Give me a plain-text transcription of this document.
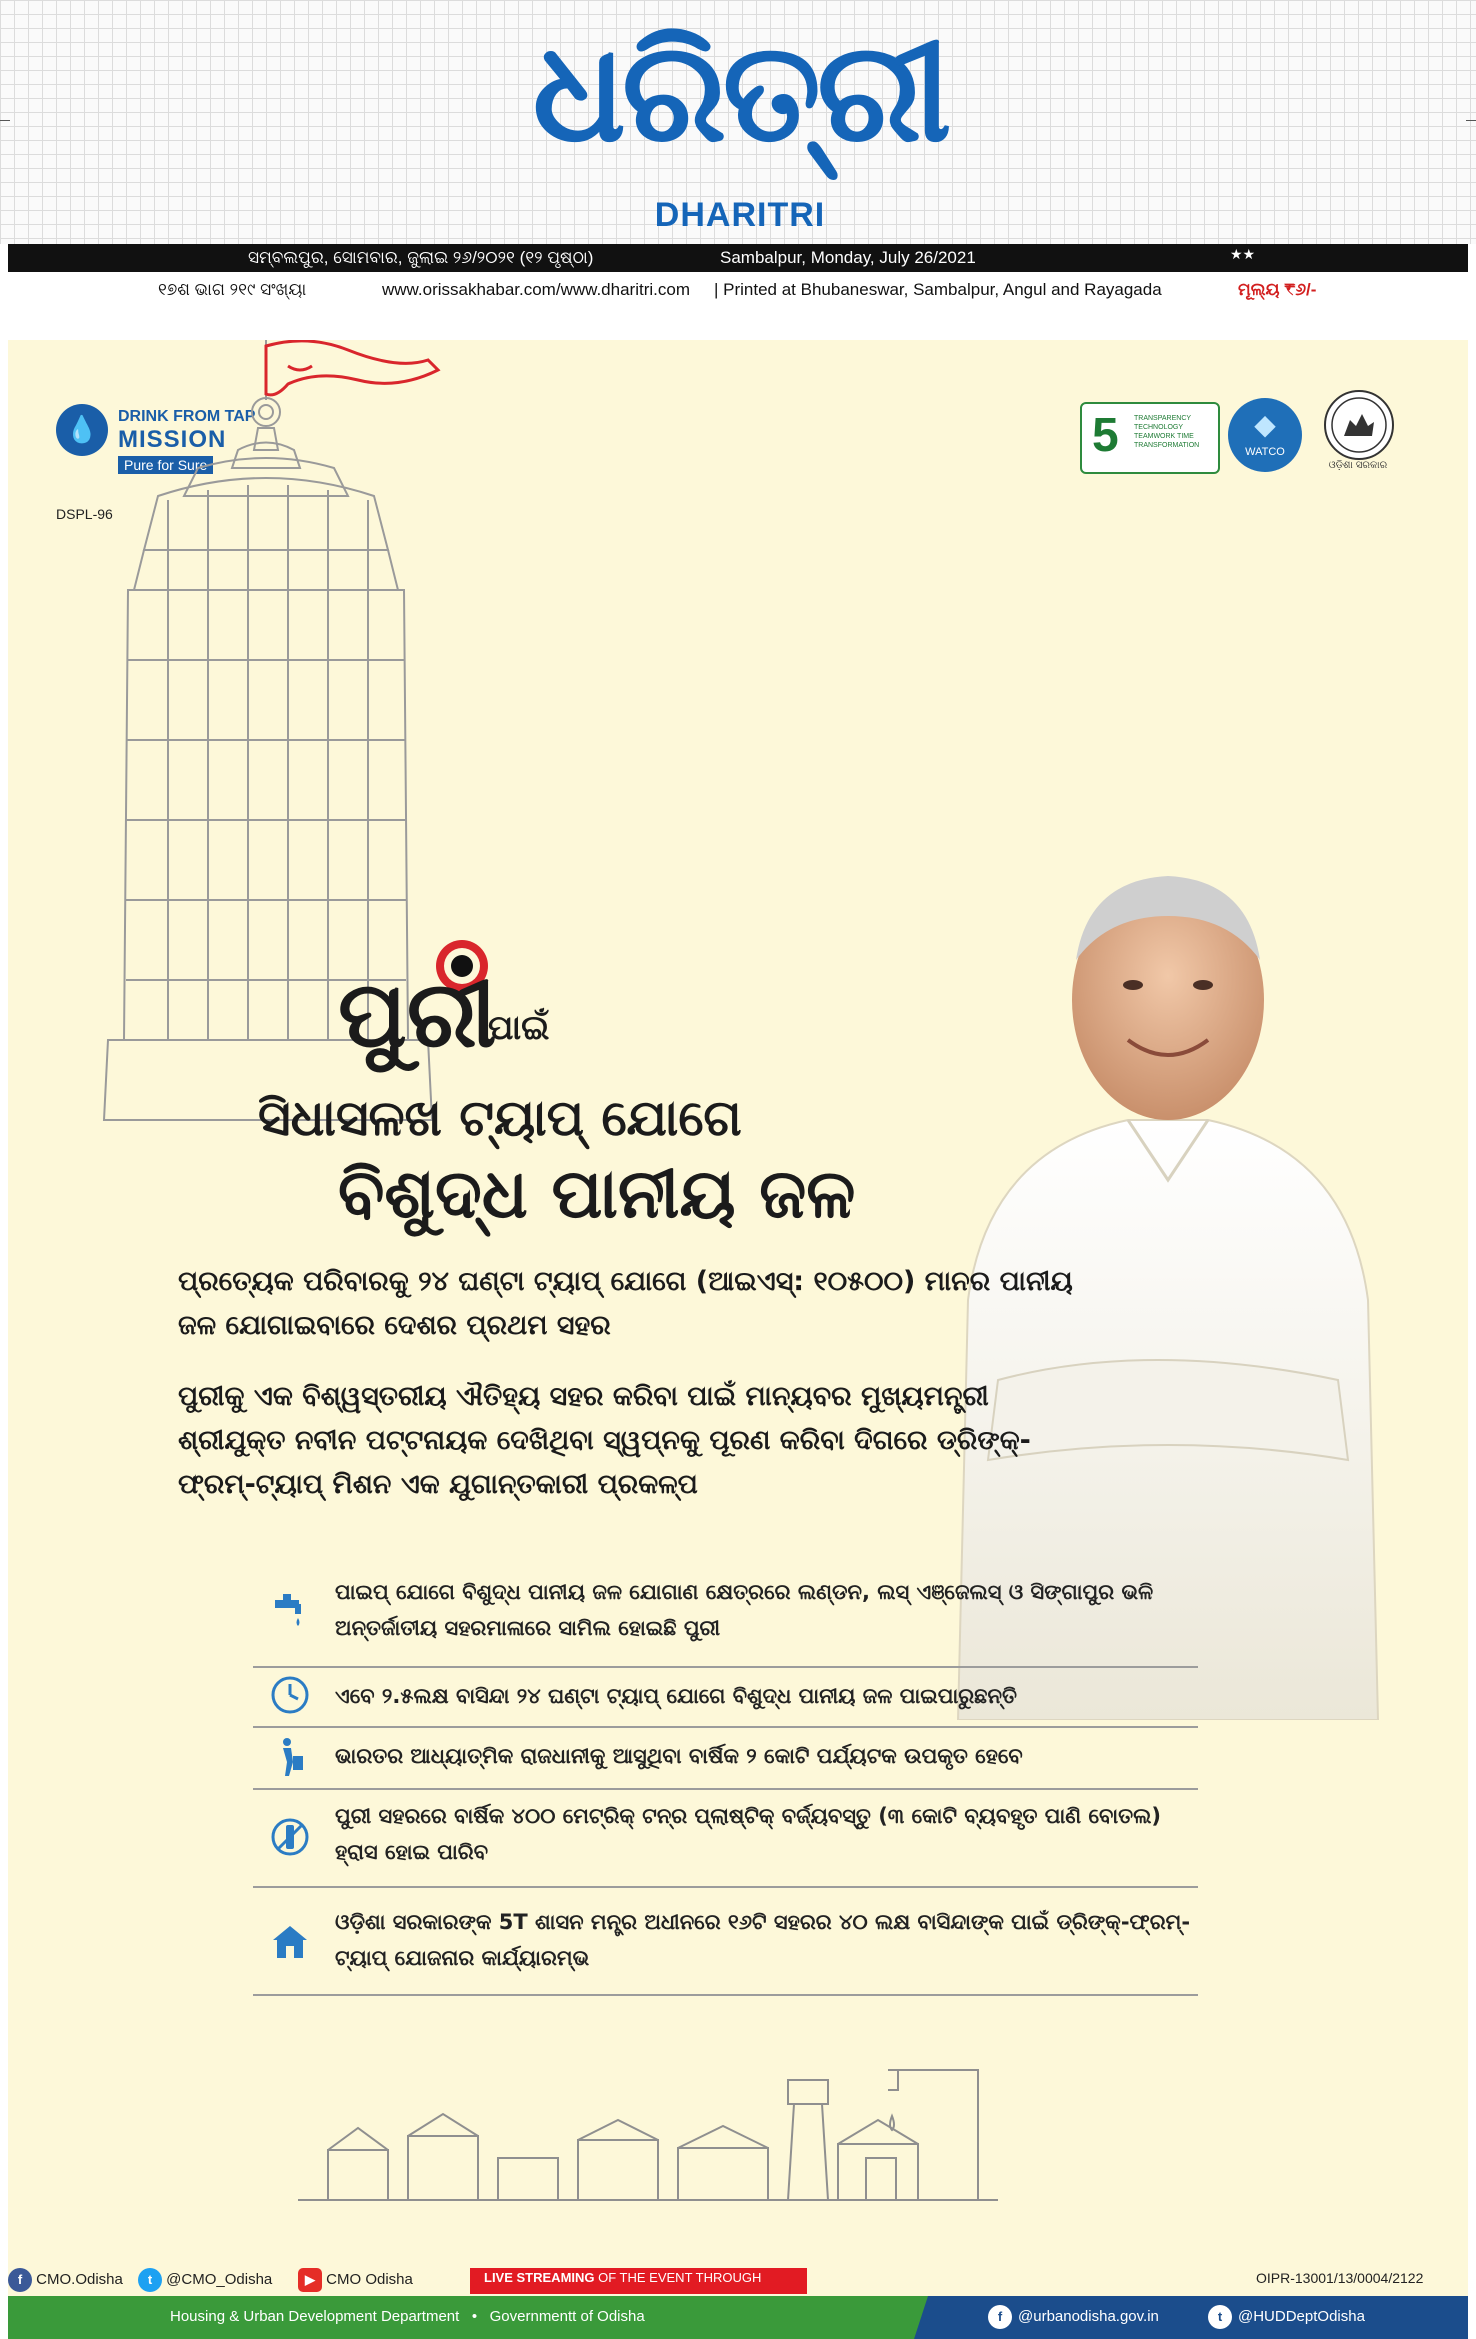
ଧରିତ୍ରୀ
DHARITRI
ସମ୍ବଲପୁର, ସୋମବାର, ଜୁଲାଇ ୨୬/୨୦୨୧ (୧୨ ପୃଷ୍ଠା)	Sambalpur, Monday, July 26/2021	★★
୧୭ଶ ଭାଗ ୨୧୯ ସଂଖ୍ୟା	www.orissakhabar.com/www.dharitri.com | Printed at Bhubaneswar, Sambalpur, Angul and Rayagada	ମୂଲ୍ୟ ₹୬/-
💧	DRINK FROM TAP
MISSION
Pure for Sure
DSPL-96
5 TRANSPARENCY TECHNOLOGY TEAMWORK TIME TRANSFORMATION
◆
WATCO
ଓଡ଼ିଶା ସରକାର
ପୁରୀ
ପାଇଁ
ସିଧାସଳଖ ଟ୍ୟାପ୍ ଯୋଗେ
ବିଶୁଦ୍ଧ ପାନୀୟ ଜଳ
ପ୍ରତ୍ୟେକ ପରିବାରକୁ ୨୪ ଘଣ୍ଟା ଟ୍ୟାପ୍ ଯୋଗେ (ଆଇଏସ୍: ୧୦୫୦୦) ମାନର ପାନୀୟ ଜଳ ଯୋଗାଇବାରେ ଦେଶର ପ୍ରଥମ ସହର
ପୁରୀକୁ ଏକ ବିଶ୍ୱସ୍ତରୀୟ ଐତିହ୍ୟ ସହର କରିବା ପାଇଁ ମାନ୍ୟବର ମୁଖ୍ୟମନ୍ତ୍ରୀ ଶ୍ରୀଯୁକ୍ତ ନବୀନ ପଟ୍ଟନାୟକ ଦେଖିଥିବା ସ୍ୱପ୍ନକୁ ପୂରଣ କରିବା ଦିଗରେ ଡ୍ରିଙ୍କ୍-ଫ୍ରମ୍-ଟ୍ୟାପ୍ ମିଶନ ଏକ ଯୁଗାନ୍ତକାରୀ ପ୍ରକଳ୍ପ
ପାଇପ୍ ଯୋଗେ ବିଶୁଦ୍ଧ ପାନୀୟ ଜଳ ଯୋଗାଣ କ୍ଷେତ୍ରରେ ଲଣ୍ଡନ, ଲସ୍ ଏଞ୍ଜେଲସ୍ ଓ ସିଙ୍ଗାପୁର ଭଳି ଅନ୍ତର୍ଜାତୀୟ ସହରମାଳାରେ ସାମିଲ ହୋଇଛି ପୁରୀ
ଏବେ ୨.୫ଲକ୍ଷ ବାସିନ୍ଦା ୨୪ ଘଣ୍ଟା ଟ୍ୟାପ୍ ଯୋଗେ ବିଶୁଦ୍ଧ ପାନୀୟ ଜଳ ପାଇପାରୁଛନ୍ତି
ଭାରତର ଆଧ୍ୟାତ୍ମିକ ରାଜଧାନୀକୁ ଆସୁଥିବା ବାର୍ଷିକ ୨ କୋଟି ପର୍ଯ୍ୟଟକ ଉପକୃତ ହେବେ
ପୁରୀ ସହରରେ ବାର୍ଷିକ ୪୦୦ ମେଟ୍ରିକ୍ ଟନ୍‌ର ପ୍ଲାଷ୍ଟିକ୍ ବର୍ଜ୍ୟବସ୍ତୁ (୩ କୋଟି ବ୍ୟବହୃତ ପାଣି ବୋତଲ) ହ୍ରାସ ହୋଇ ପାରିବ
ଓଡ଼ିଶା ସରକାରଙ୍କ 5T ଶାସନ ମନ୍ତ୍ର ଅଧୀନରେ ୧୬ଟି ସହରର ୪୦ ଲକ୍ଷ ବାସିନ୍ଦାଙ୍କ ପାଇଁ ଡ୍ରିଙ୍କ୍-ଫ୍ରମ୍-ଟ୍ୟାପ୍ ଯୋଜନାର କାର୍ଯ୍ୟାରମ୍ଭ
f CMO.Odisha	t @CMO_Odisha	▶ CMO Odisha	LIVE STREAMING OF THE EVENT THROUGH	OIPR-13001/13/0004/2122
Housing & Urban Development Department • Governmentt of Odisha	f	@urbanodisha.gov.in	t	@HUDDeptOdisha
